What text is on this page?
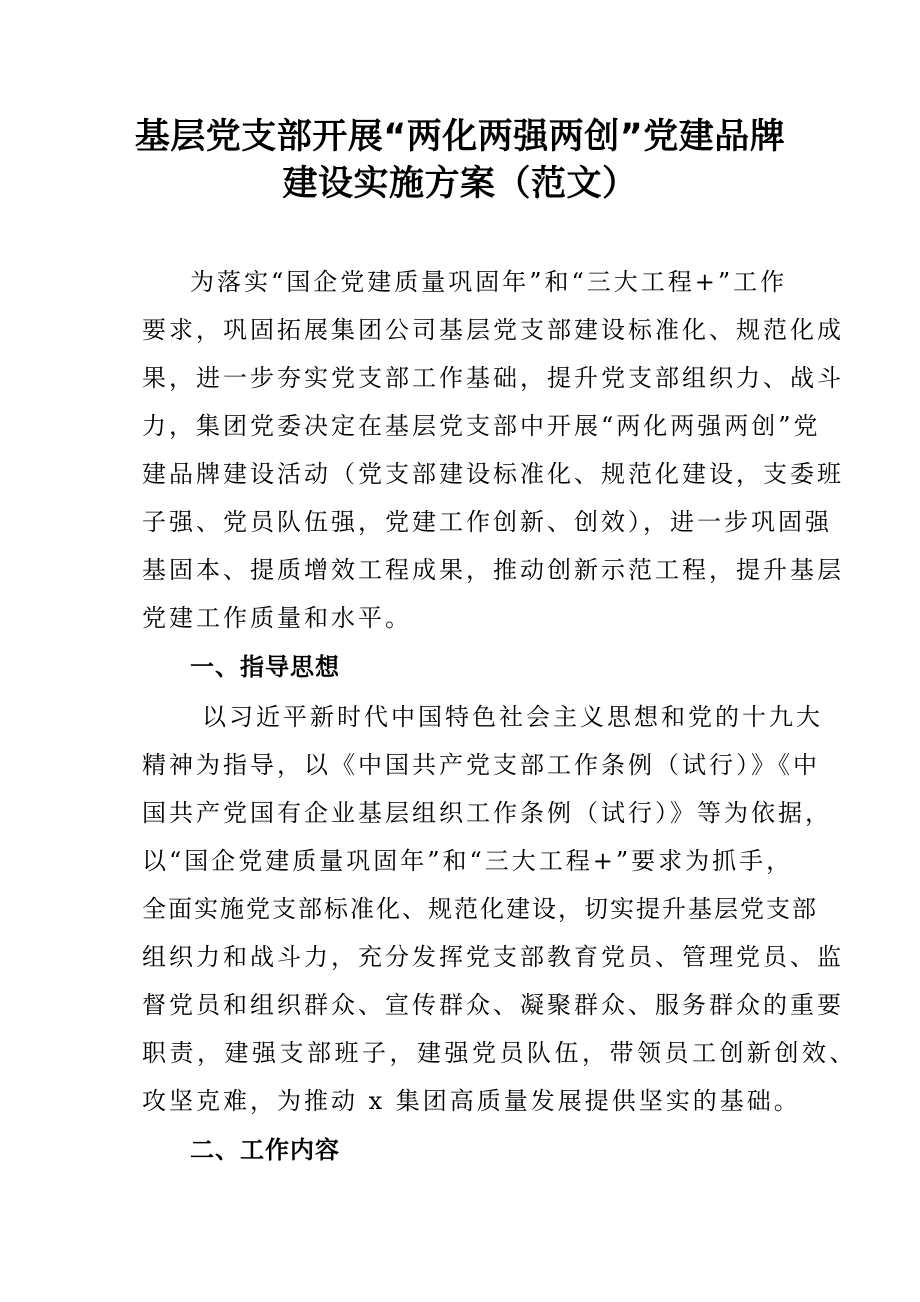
基层党支部开展“两化两强两创”党建品牌
建设实施方案（范文）
为落实“国企党建质量巩固年”和“三大工程+”工作
要求，巩固拓展集团公司基层党支部建设标准化、规范化成
果，进一步夯实党支部工作基础，提升党支部组织力、战斗
力，集团党委决定在基层党支部中开展“两化两强两创”党
建品牌建设活动（党支部建设标准化、规范化建设，支委班
子强、党员队伍强，党建工作创新、创效），进一步巩固强
基固本、提质增效工程成果，推动创新示范工程，提升基层
党建工作质量和水平。
一、指导思想
以习近平新时代中国特色社会主义思想和党的十九大
精神为指导，以《中国共产党支部工作条例（试行）》《中
国共产党国有企业基层组织工作条例（试行）》等为依据，
以“国企党建质量巩固年”和“三大工程+”要求为抓手，
全面实施党支部标准化、规范化建设，切实提升基层党支部
组织力和战斗力，充分发挥党支部教育党员、管理党员、监
督党员和组织群众、宣传群众、凝聚群众、服务群众的重要
职责，建强支部班子，建强党员队伍，带领员工创新创效、
攻坚克难，为推动 x 集团高质量发展提供坚实的基础。
二、工作内容
